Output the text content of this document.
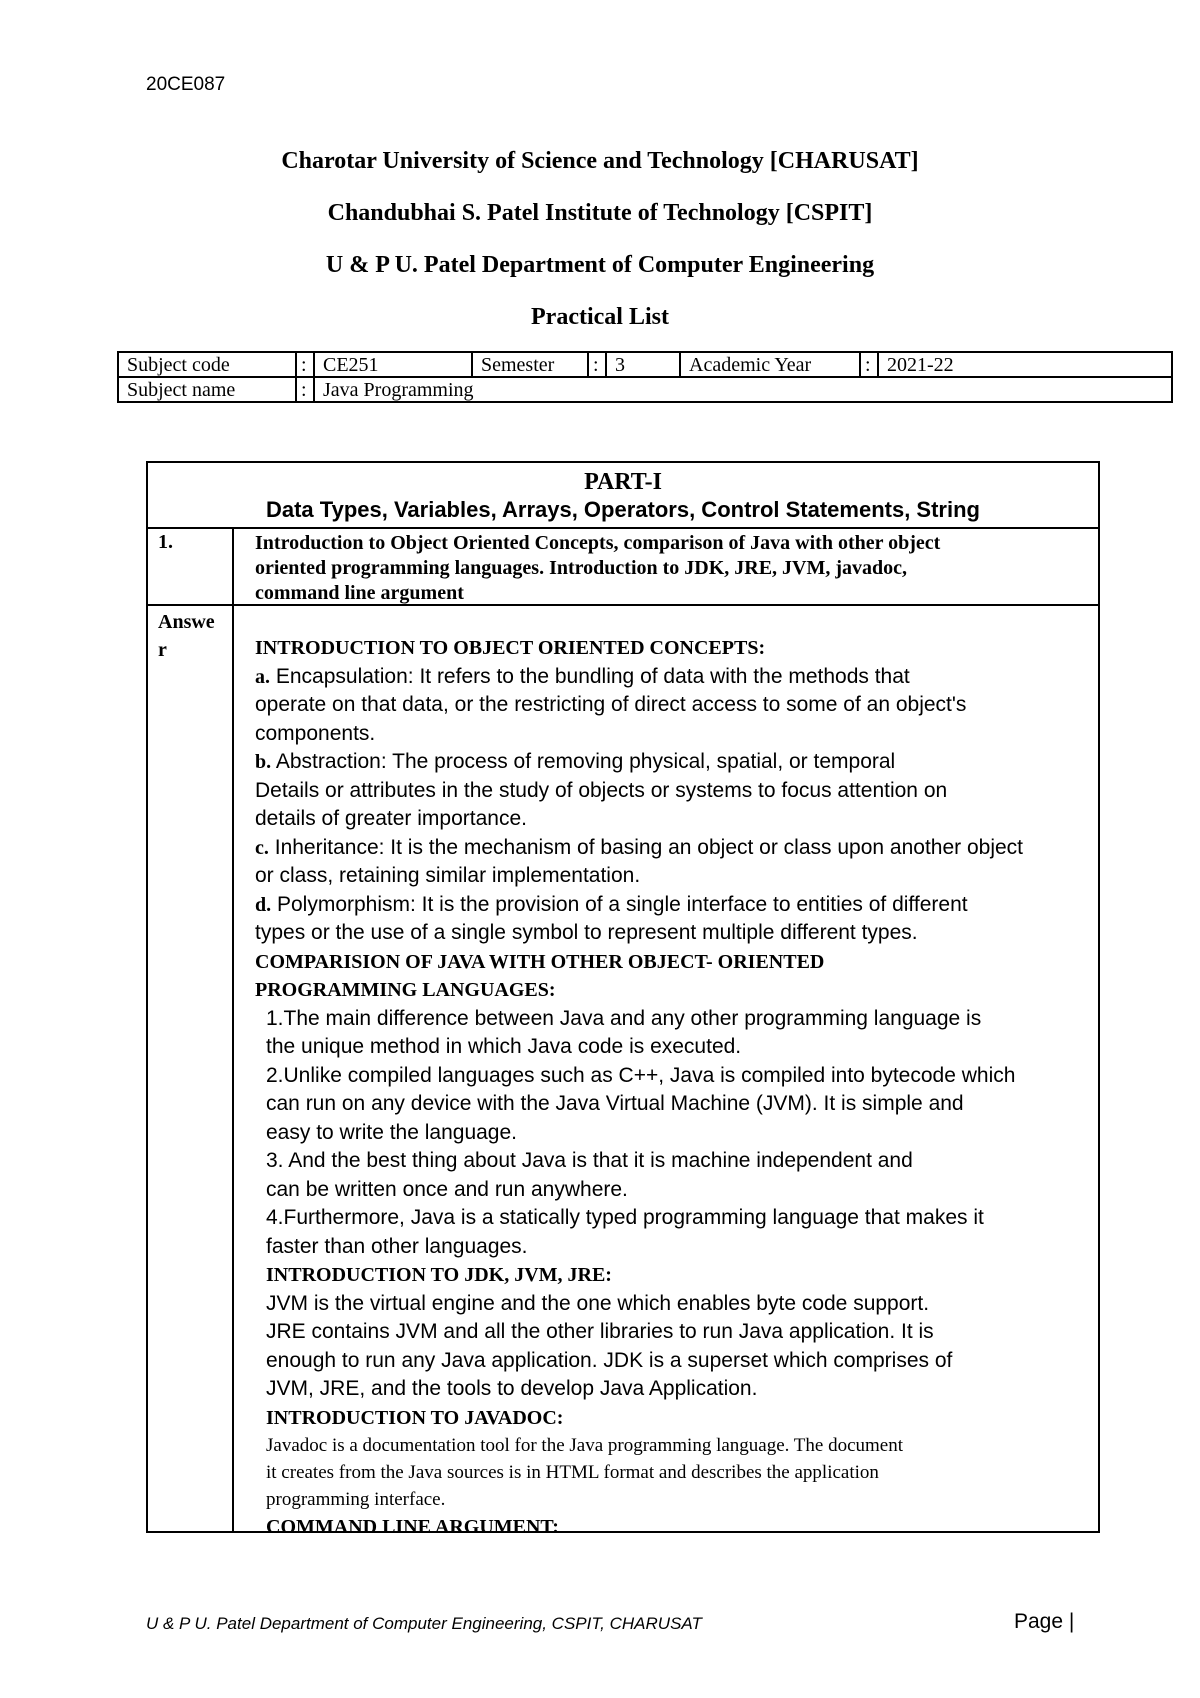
20CE087
Charotar University of Science and Technology [CHARUSAT]
Chandubhai S. Patel Institute of Technology [CSPIT]
U & P U. Patel Department of Computer Engineering
Practical List
Subject code	:	CE251	Semester	:	3	Academic Year	:	2021-22
Subject name	:	Java Programming						
PART-I
Data Types, Variables, Arrays, Operators, Control Statements, String
1.	Introduction to Object Oriented Concepts, comparison of Java with other object
oriented programming languages. Introduction to JDK, JRE, JVM, javadoc,
command line argument
Answe
r	INTRODUCTION TO OBJECT ORIENTED CONCEPTS:
a. Encapsulation: It refers to the bundling of data with the methods that
operate on that data, or the restricting of direct access to some of an object's
components.
b. Abstraction: The process of removing physical, spatial, or temporal
Details or attributes in the study of objects or systems to focus attention on
details of greater importance.
c. Inheritance: It is the mechanism of basing an object or class upon another object
or class, retaining similar implementation.
d. Polymorphism: It is the provision of a single interface to entities of different
types or the use of a single symbol to represent multiple different types.
COMPARISION OF JAVA WITH OTHER OBJECT- ORIENTED
PROGRAMMING LANGUAGES:
1.The main difference between Java and any other programming language is
the unique method in which Java code is executed.
2.Unlike compiled languages such as C++, Java is compiled into bytecode which
can run on any device with the Java Virtual Machine (JVM). It is simple and
easy to write the language.
3. And the best thing about Java is that it is machine independent and
can be written once and run anywhere.
4.Furthermore, Java is a statically typed programming language that makes it
faster than other languages.
INTRODUCTION TO JDK, JVM, JRE:
JVM is the virtual engine and the one which enables byte code support.
JRE contains JVM and all the other libraries to run Java application. It is
enough to run any Java application. JDK is a superset which comprises of
JVM, JRE, and the tools to develop Java Application.
INTRODUCTION TO JAVADOC:
Javadoc is a documentation tool for the Java programming language. The document
it creates from the Java sources is in HTML format and describes the application
programming interface.
COMMAND LINE ARGUMENT:
U & P U. Patel Department of Computer Engineering, CSPIT, CHARUSAT	Page |
